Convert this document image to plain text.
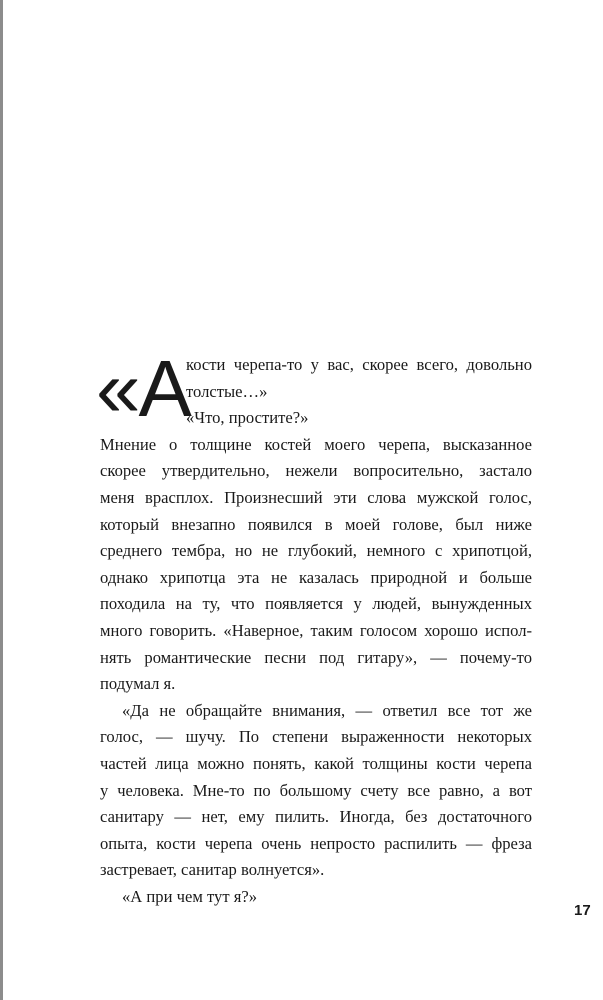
«А
кости черепа-то у вас, скорее всего, довольно
толстые…»
«Что, простите?»
Мнение о толщине костей моего черепа, высказанное
скорее утвердительно, нежели вопросительно, застало
меня врасплох. Произнесший эти слова мужской голос,
который внезапно появился в моей голове, был ниже
среднего тембра, но не глубокий, немного с хрипотцой,
однако хрипотца эта не казалась природной и больше
походила на ту, что появляется у людей, вынужденных
много говорить. «Наверное, таким голосом хорошо испол-
нять романтические песни под гитару», — почему-то
подумал я.
«Да не обращайте внимания, — ответил все тот же
голос, — шучу. По степени выраженности некоторых
частей лица можно понять, какой толщины кости черепа
у человека. Мне-то по большому счету все равно, а вот
санитару — нет, ему пилить. Иногда, без достаточного
опыта, кости черепа очень непросто распилить — фреза
застревает, санитар волнуется».
«А при чем тут я?»
17
